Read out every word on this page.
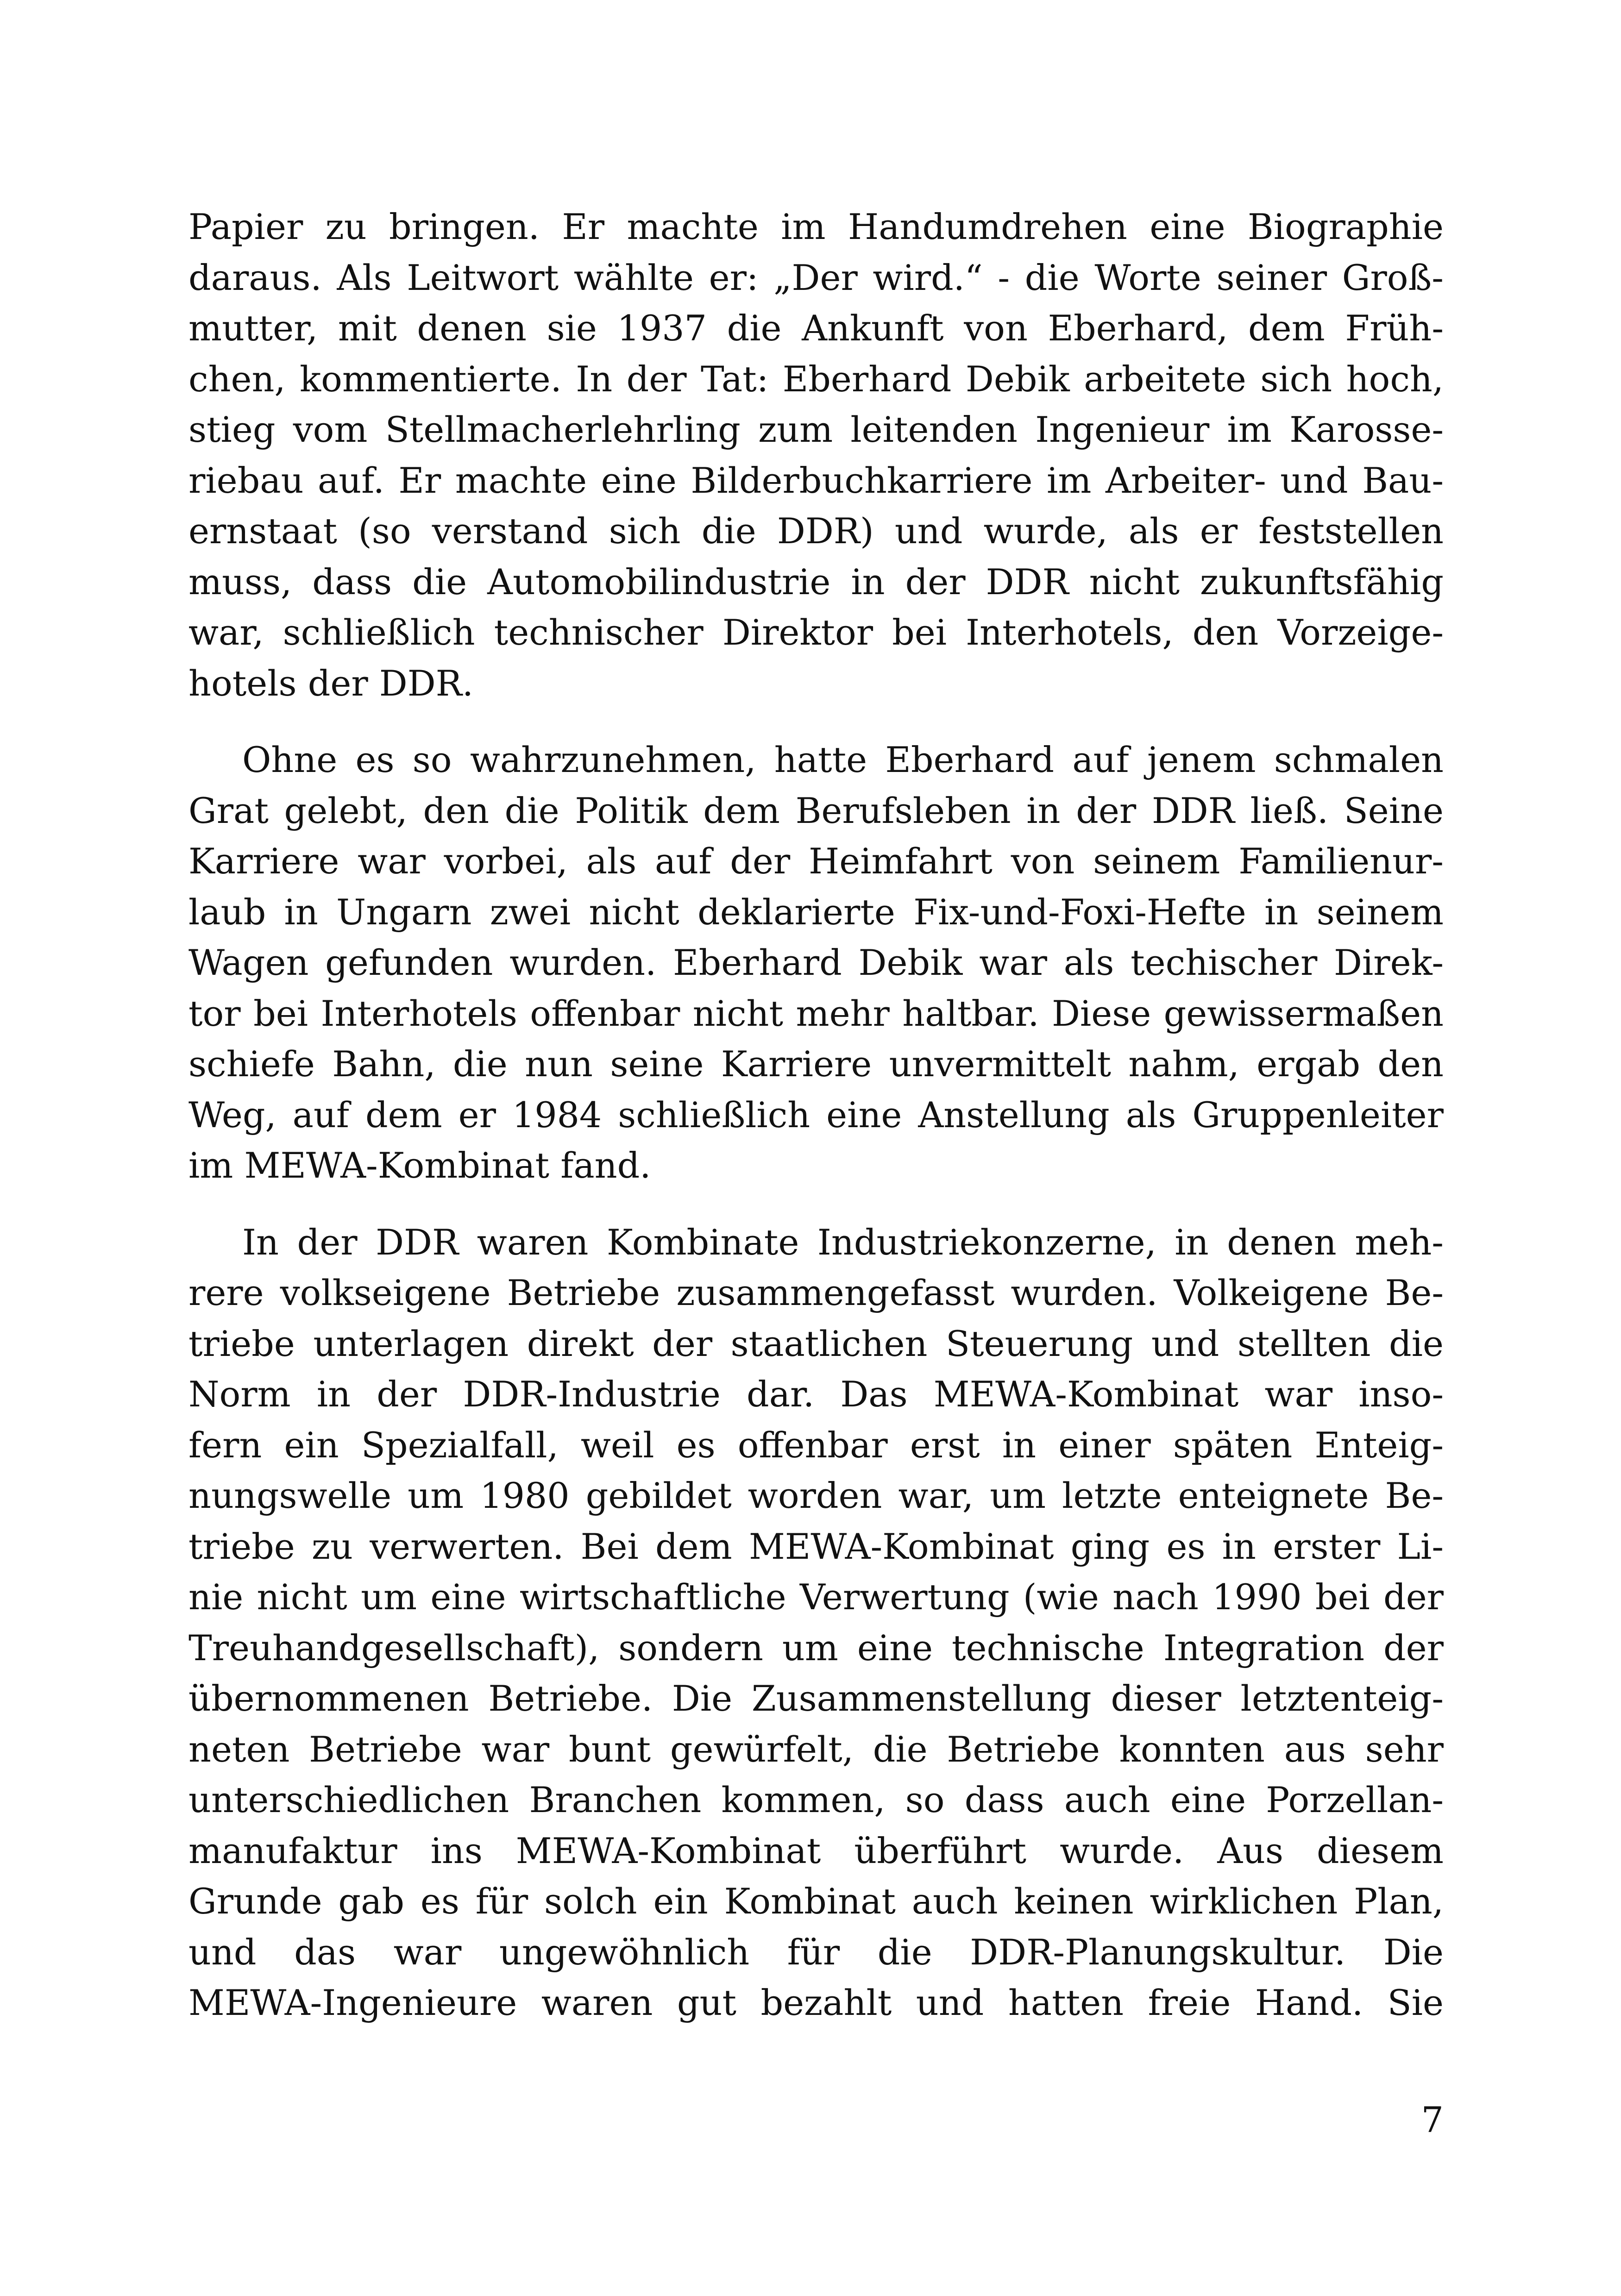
Papier zu bringen. Er machte im Handumdrehen eine Biographie
daraus. Als Leitwort wählte er: „Der wird.“ - die Worte seiner Groß-
mutter, mit denen sie 1937 die Ankunft von Eberhard, dem Früh-
chen, kommentierte. In der Tat: Eberhard Debik arbeitete sich hoch,
stieg vom Stellmacherlehrling zum leitenden Ingenieur im Karosse-
riebau auf. Er machte eine Bilderbuchkarriere im Arbeiter- und Bau-
ernstaat (so verstand sich die DDR) und wurde, als er feststellen
muss, dass die Automobilindustrie in der DDR nicht zukunftsfähig
war, schließlich technischer Direktor bei Interhotels, den Vorzeige-
hotels der DDR.

Ohne es so wahrzunehmen, hatte Eberhard auf jenem schmalen
Grat gelebt, den die Politik dem Berufsleben in der DDR ließ. Seine
Karriere war vorbei, als auf der Heimfahrt von seinem Familienur-
laub in Ungarn zwei nicht deklarierte Fix-und-Foxi-Hefte in seinem
Wagen gefunden wurden. Eberhard Debik war als techischer Direk-
tor bei Interhotels offenbar nicht mehr haltbar. Diese gewissermaßen
schiefe Bahn, die nun seine Karriere unvermittelt nahm, ergab den
Weg, auf dem er 1984 schließlich eine Anstellung als Gruppenleiter
im MEWA-Kombinat fand.

In der DDR waren Kombinate Industriekonzerne, in denen meh-
rere volkseigene Betriebe zusammengefasst wurden. Volkeigene Be-
triebe unterlagen direkt der staatlichen Steuerung und stellten die
Norm in der DDR-Industrie dar. Das MEWA-Kombinat war inso-
fern ein Spezialfall, weil es offenbar erst in einer späten Enteig-
nungswelle um 1980 gebildet worden war, um letzte enteignete Be-
triebe zu verwerten. Bei dem MEWA-Kombinat ging es in erster Li-
nie nicht um eine wirtschaftliche Verwertung (wie nach 1990 bei der
Treuhandgesellschaft), sondern um eine technische Integration der
übernommenen Betriebe. Die Zusammenstellung dieser letztenteig-
neten Betriebe war bunt gewürfelt, die Betriebe konnten aus sehr
unterschiedlichen Branchen kommen, so dass auch eine Porzellan-
manufaktur ins MEWA-Kombinat überführt wurde. Aus diesem
Grunde gab es für solch ein Kombinat auch keinen wirklichen Plan,
und das war ungewöhnlich für die DDR-Planungskultur. Die
MEWA-Ingenieure waren gut bezahlt und hatten freie Hand. Sie

7
